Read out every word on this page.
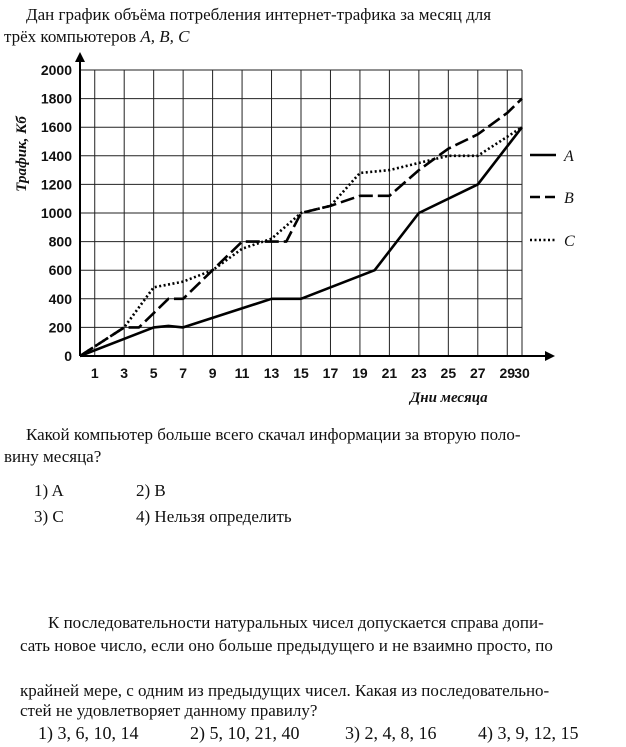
Дан график объёма потребления интернет-трафика за месяц для
трёх компьютеров A, B, C
1 3 5 7 9 11 13 15 17 19 21 23 25 27 29 30
0
200
400
600
800
1000
1200
1400
1600
1800
2000
A
B
C
Дни месяца
Трафик, Кб
Какой компьютер больше всего скачал информации за вторую поло-
вину месяца?
1) A	2) B
3) C	4) Нельзя определить
К последовательности натуральных чисел допускается справа допи-
сать новое число, если оно больше предыдущего и не взаимно просто, по
крайней мере, с одним из предыдущих чисел. Какая из последовательно-
стей не удовлетворяет данному правилу?
1) 3, 6, 10, 14	2) 5, 10, 21, 40	3) 2, 4, 8, 16 4) 3, 9, 12, 15
